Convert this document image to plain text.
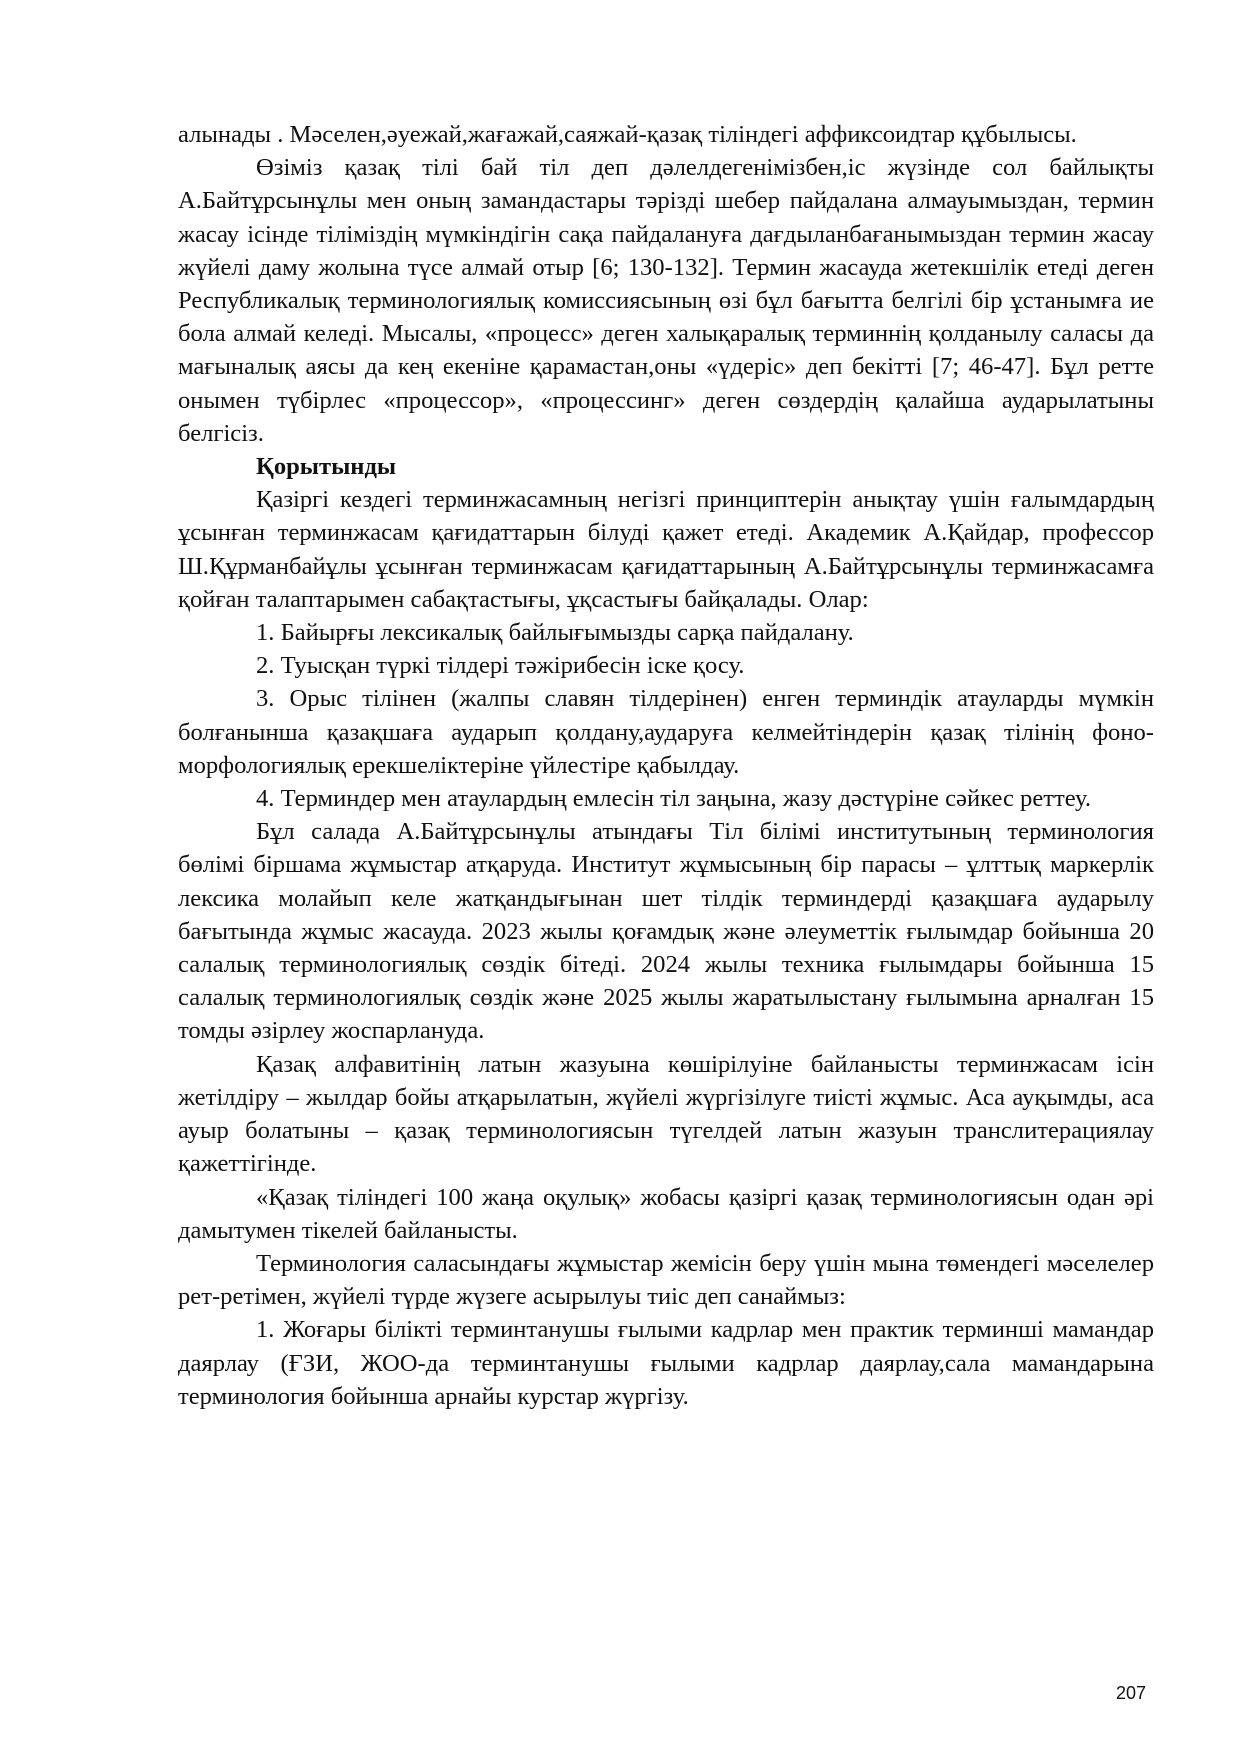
алынады . Мәселен,әуежай,жағажай,саяжай-қазақ тіліндегі аффиксоидтар құбылысы.

Өзіміз қазақ тілі бай тіл деп дәлелдегенімізбен,іс жүзінде сол байлықты А.Байтұрсынұлы мен оның замандастары тәрізді шебер пайдалана алмауымыздан, термин жасау ісінде тіліміздің мүмкіндігін сақа пайдалануға дағдыланбағанымыздан термин жасау жүйелі даму жолына түсе алмай отыр [6; 130-132]. Термин жасауда жетекшілік етеді деген Республикалық терминологиялық комиссиясының өзі бұл бағытта белгілі бір ұстанымға ие бола алмай келеді. Мысалы, «процесс» деген халықаралық терминнің қолданылу саласы да мағыналық аясы да кең екеніне қарамастан,оны «үдеріс» деп бекітті [7; 46-47]. Бұл ретте онымен түбірлес «процессор», «процессинг» деген сөздердің қалайша аударылатыны белгісіз.

Қорытынды

Қазіргі кездегі терминжасамның негізгі принциптерін анықтау үшін ғалымдардың ұсынған терминжасам қағидаттарын білуді қажет етеді. Академик А.Қайдар, профессор Ш.Құрманбайұлы ұсынған терминжасам қағидаттарының А.Байтұрсынұлы терминжасамға қойған талаптарымен сабақтастығы, ұқсастығы байқалады. Олар:

1. Байырғы лексикалық байлығымызды сарқа пайдалану.

2. Туысқан түркі тілдері тәжірибесін іске қосу.

3. Орыс тілінен (жалпы славян тілдерінен) енген терминдік атауларды мүмкін болғанынша қазақшаға аударып қолдану,аударуға келмейтіндерін қазақ тілінің фоно-морфологиялық ерекшеліктеріне үйлестіре қабылдау.

4. Терминдер мен атаулардың емлесін тіл заңына, жазу дәстүріне сәйкес реттеу.

Бұл салада А.Байтұрсынұлы атындағы Тіл білімі институтының терминология бөлімі біршама жұмыстар атқаруда. Институт жұмысының бір парасы – ұлттық маркерлік лексика молайып келе жатқандығынан шет тілдік терминдерді қазақшаға аударылу бағытында жұмыс жасауда. 2023 жылы қоғамдық және әлеуметтік ғылымдар бойынша 20 салалық терминологиялық сөздік бітеді. 2024 жылы техника ғылымдары бойынша 15 салалық терминологиялық сөздік және 2025 жылы жаратылыстану ғылымына арналған 15 томды әзірлеу жоспарлануда.

Қазақ алфавитінің латын жазуына көшірілуіне байланысты терминжасам ісін жетілдіру – жылдар бойы атқарылатын, жүйелі жүргізілуге тиісті жұмыс. Аса ауқымды, аса ауыр болатыны – қазақ терминологиясын түгелдей латын жазуын транслитерациялау қажеттігінде.

«Қазақ тіліндегі 100 жаңа оқулық» жобасы қазіргі қазақ терминологиясын одан әрі дамытумен тікелей байланысты.

Терминология саласындағы жұмыстар жемісін беру үшін мына төмендегі мәселелер рет-ретімен, жүйелі түрде жүзеге асырылуы тиіс деп санаймыз:

1. Жоғары білікті терминтанушы ғылыми кадрлар мен практик терминші мамандар даярлау (ҒЗИ, ЖОО-да терминтанушы ғылыми кадрлар даярлау,сала мамандарына терминология бойынша арнайы курстар жүргізу.

207
